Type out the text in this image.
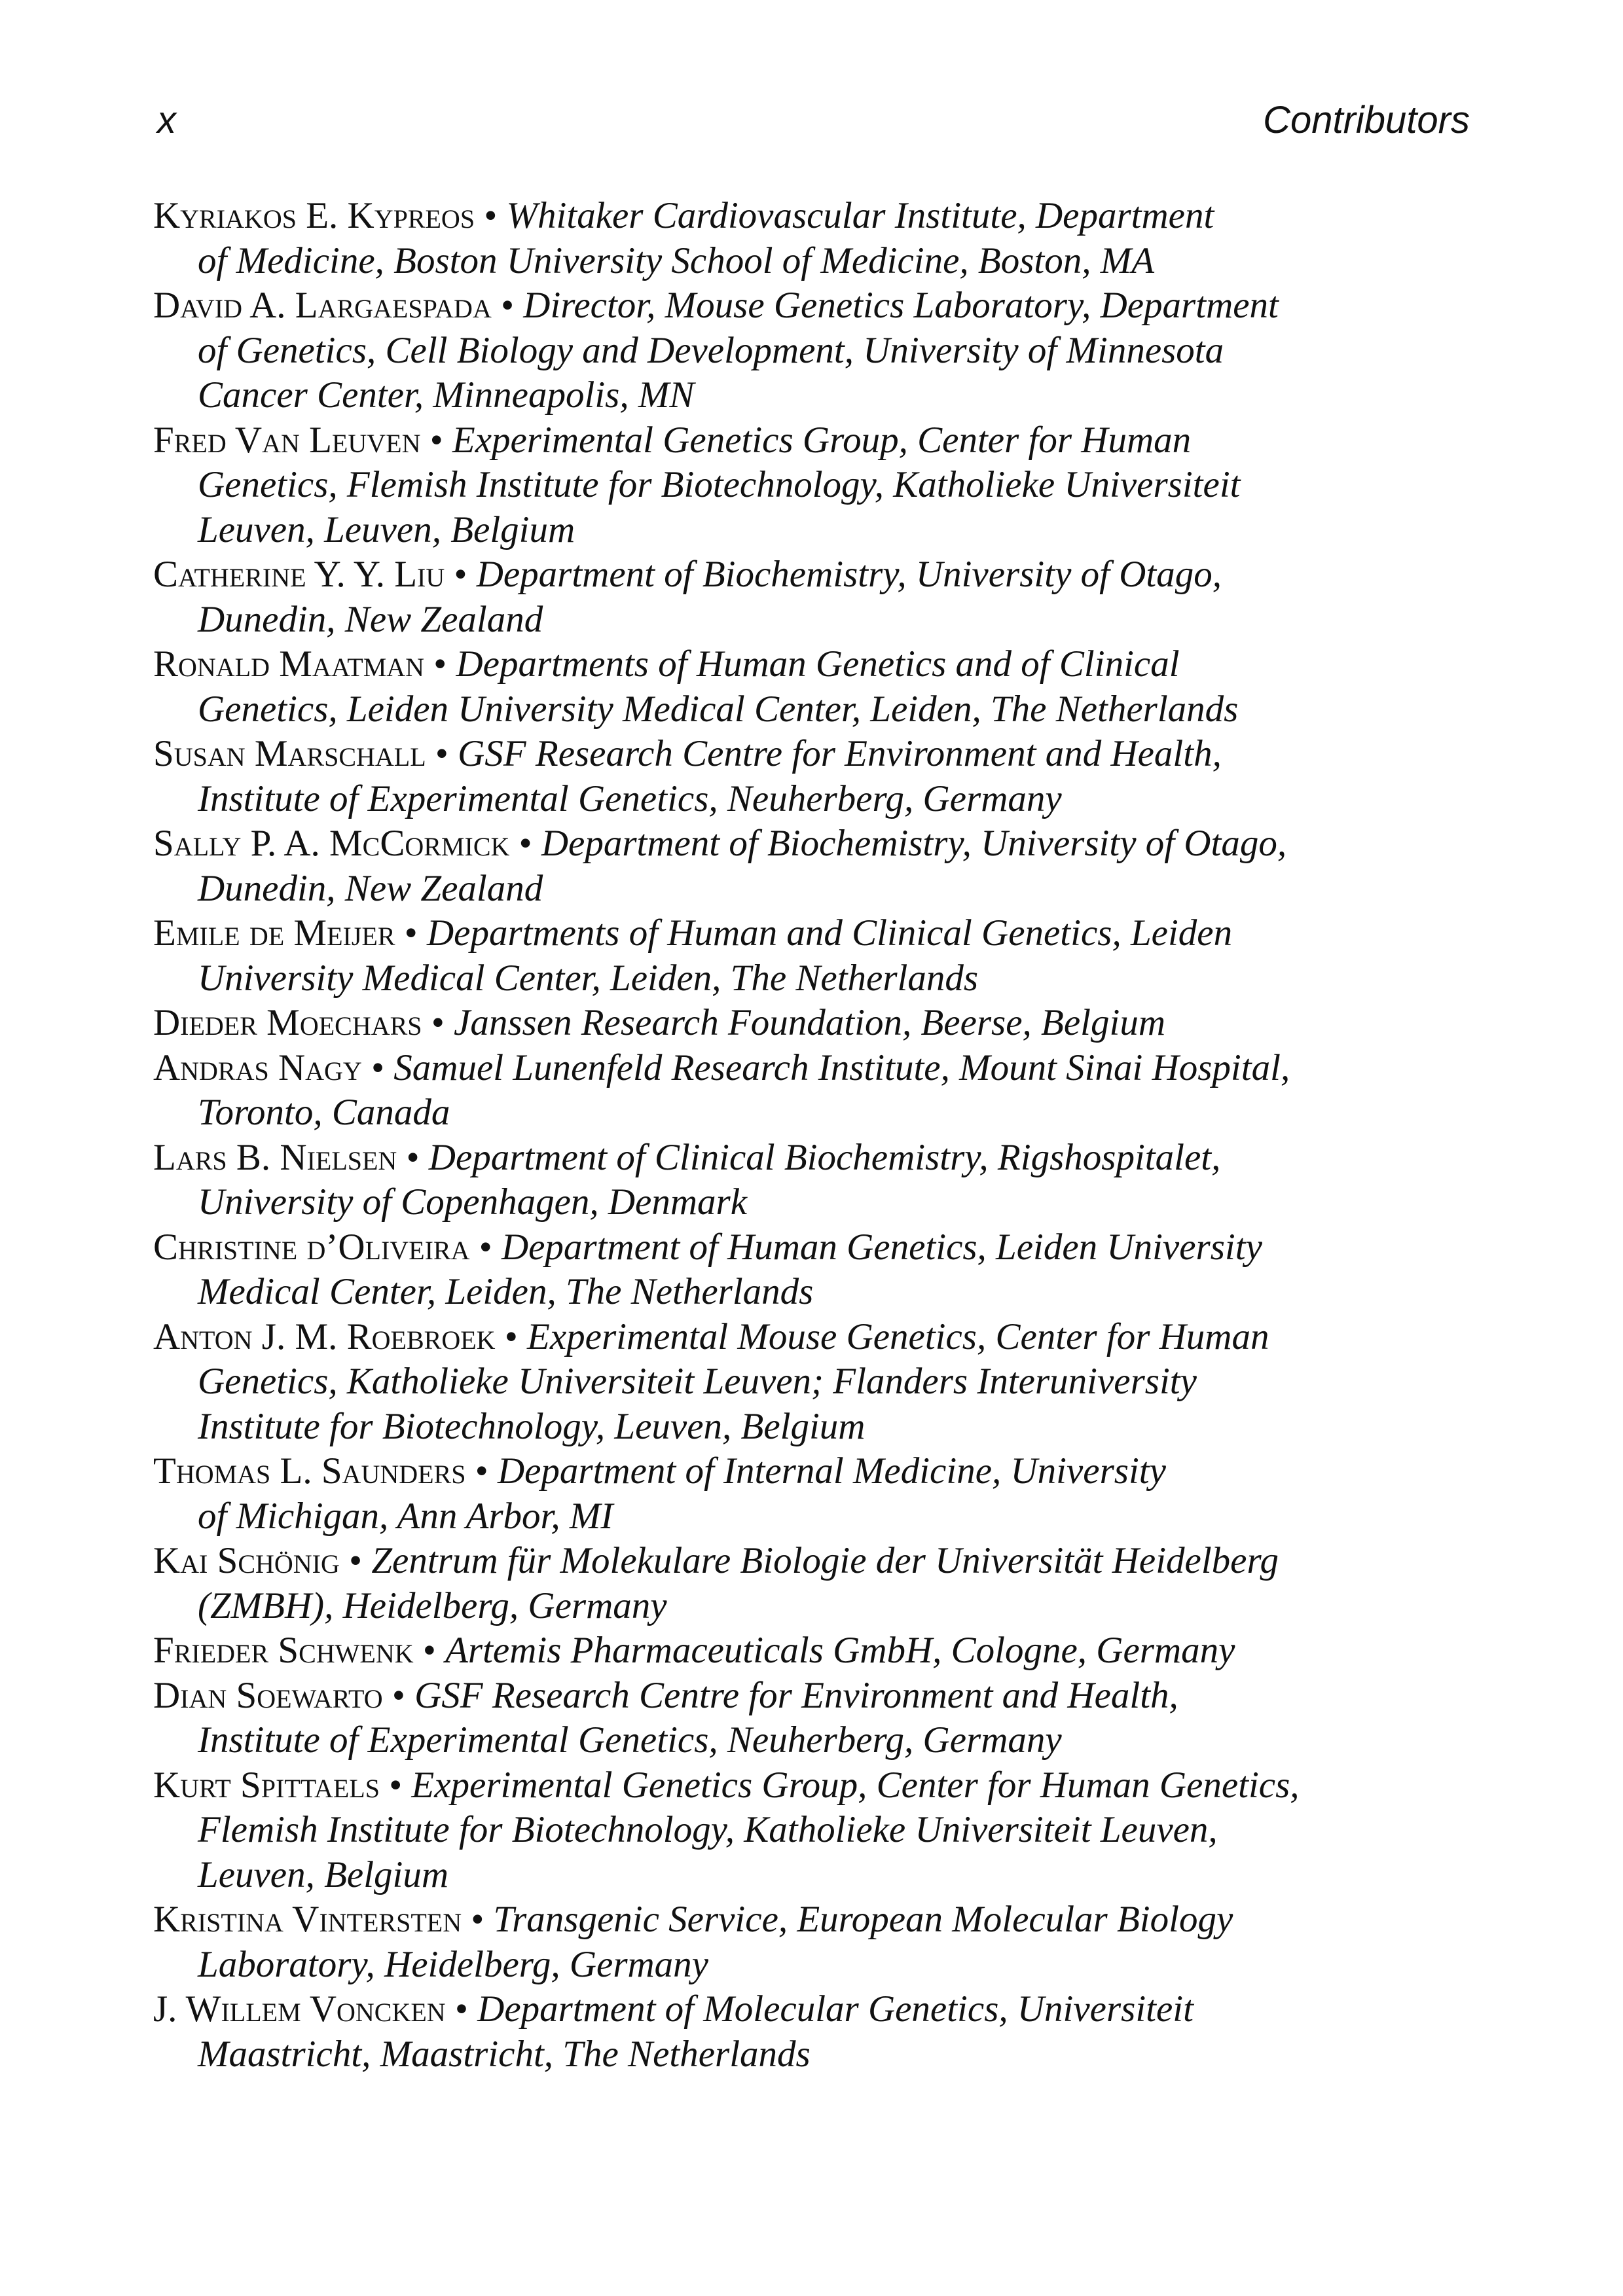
x	Contributors

Kyriakos E. Kypreos • Whitaker Cardiovascular Institute, Department
of Medicine, Boston University School of Medicine, Boston, MA

David A. Largaespada • Director, Mouse Genetics Laboratory, Department
of Genetics, Cell Biology and Development, University of Minnesota
Cancer Center, Minneapolis, MN

Fred Van Leuven • Experimental Genetics Group, Center for Human
Genetics, Flemish Institute for Biotechnology, Katholieke Universiteit
Leuven, Leuven, Belgium

Catherine Y. Y. Liu • Department of Biochemistry, University of Otago,
Dunedin, New Zealand

Ronald Maatman • Departments of Human Genetics and of Clinical
Genetics, Leiden University Medical Center, Leiden, The Netherlands

Susan Marschall • GSF Research Centre for Environment and Health,
Institute of Experimental Genetics, Neuherberg, Germany

Sally P. A. McCormick • Department of Biochemistry, University of Otago,
Dunedin, New Zealand

Emile de Meijer • Departments of Human and Clinical Genetics, Leiden
University Medical Center, Leiden, The Netherlands

Dieder Moechars • Janssen Research Foundation, Beerse, Belgium

Andras Nagy • Samuel Lunenfeld Research Institute, Mount Sinai Hospital,
Toronto, Canada

Lars B. Nielsen • Department of Clinical Biochemistry, Rigshospitalet,
University of Copenhagen, Denmark

Christine d’Oliveira • Department of Human Genetics, Leiden University
Medical Center, Leiden, The Netherlands

Anton J. M. Roebroek • Experimental Mouse Genetics, Center for Human
Genetics, Katholieke Universiteit Leuven; Flanders Interuniversity
Institute for Biotechnology, Leuven, Belgium

Thomas L. Saunders • Department of Internal Medicine, University
of Michigan, Ann Arbor, MI

Kai Schönig • Zentrum für Molekulare Biologie der Universität Heidelberg
(ZMBH), Heidelberg, Germany

Frieder Schwenk • Artemis Pharmaceuticals GmbH, Cologne, Germany

Dian Soewarto • GSF Research Centre for Environment and Health,
Institute of Experimental Genetics, Neuherberg, Germany

Kurt Spittaels • Experimental Genetics Group, Center for Human Genetics,
Flemish Institute for Biotechnology, Katholieke Universiteit Leuven,
Leuven, Belgium

Kristina Vintersten • Transgenic Service, European Molecular Biology
Laboratory, Heidelberg, Germany

J. Willem Voncken • Department of Molecular Genetics, Universiteit
Maastricht, Maastricht, The Netherlands
